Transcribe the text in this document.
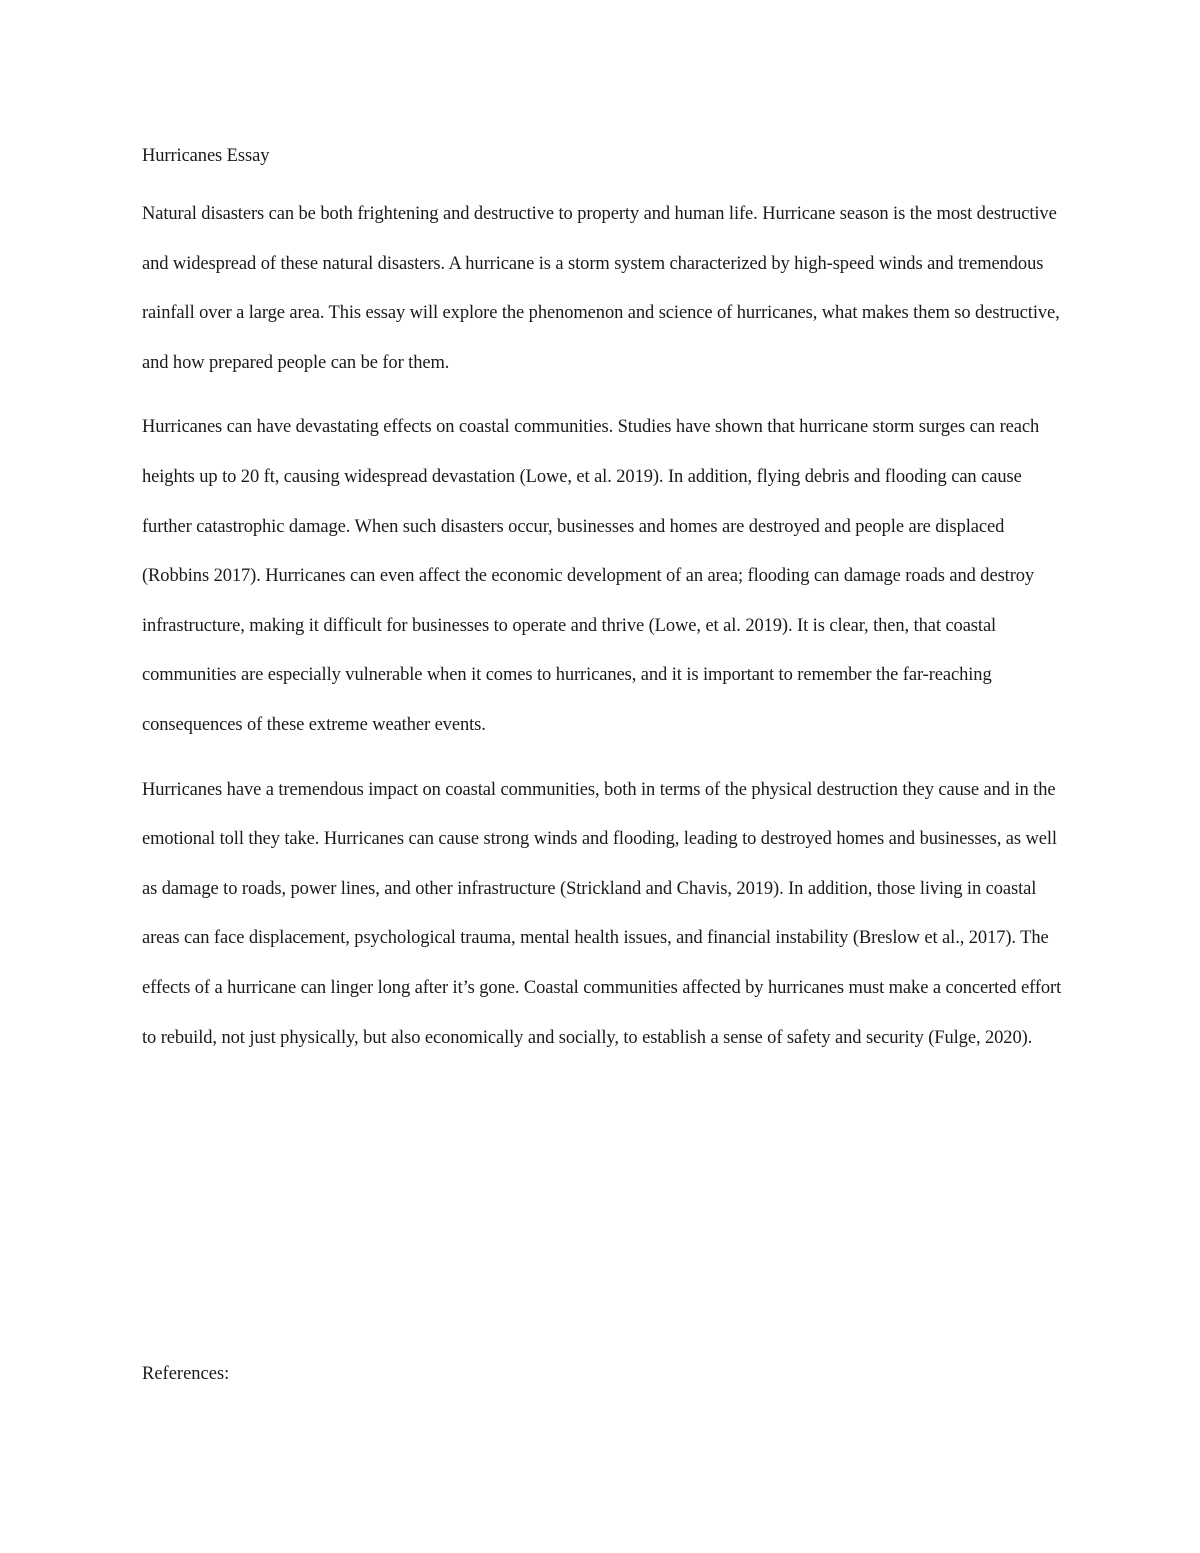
Hurricanes Essay

Natural disasters can be both frightening and destructive to property and human life. Hurricane season is the most destructive and widespread of these natural disasters. A hurricane is a storm system characterized by high-speed winds and tremendous rainfall over a large area. This essay will explore the phenomenon and science of hurricanes, what makes them so destructive, and how prepared people can be for them.

Hurricanes can have devastating effects on coastal communities. Studies have shown that hurricane storm surges can reach heights up to 20 ft, causing widespread devastation (Lowe, et al. 2019). In addition, flying debris and flooding can cause further catastrophic damage. When such disasters occur, businesses and homes are destroyed and people are displaced (Robbins 2017). Hurricanes can even affect the economic development of an area; flooding can damage roads and destroy infrastructure, making it difficult for businesses to operate and thrive (Lowe, et al. 2019). It is clear, then, that coastal communities are especially vulnerable when it comes to hurricanes, and it is important to remember the far-reaching consequences of these extreme weather events.

Hurricanes have a tremendous impact on coastal communities, both in terms of the physical destruction they cause and in the emotional toll they take. Hurricanes can cause strong winds and flooding, leading to destroyed homes and businesses, as well as damage to roads, power lines, and other infrastructure (Strickland and Chavis, 2019). In addition, those living in coastal areas can face displacement, psychological trauma, mental health issues, and financial instability (Breslow et al., 2017). The effects of a hurricane can linger long after it’s gone. Coastal communities affected by hurricanes must make a concerted effort to rebuild, not just physically, but also economically and socially, to establish a sense of safety and security (Fulge, 2020).

References:
